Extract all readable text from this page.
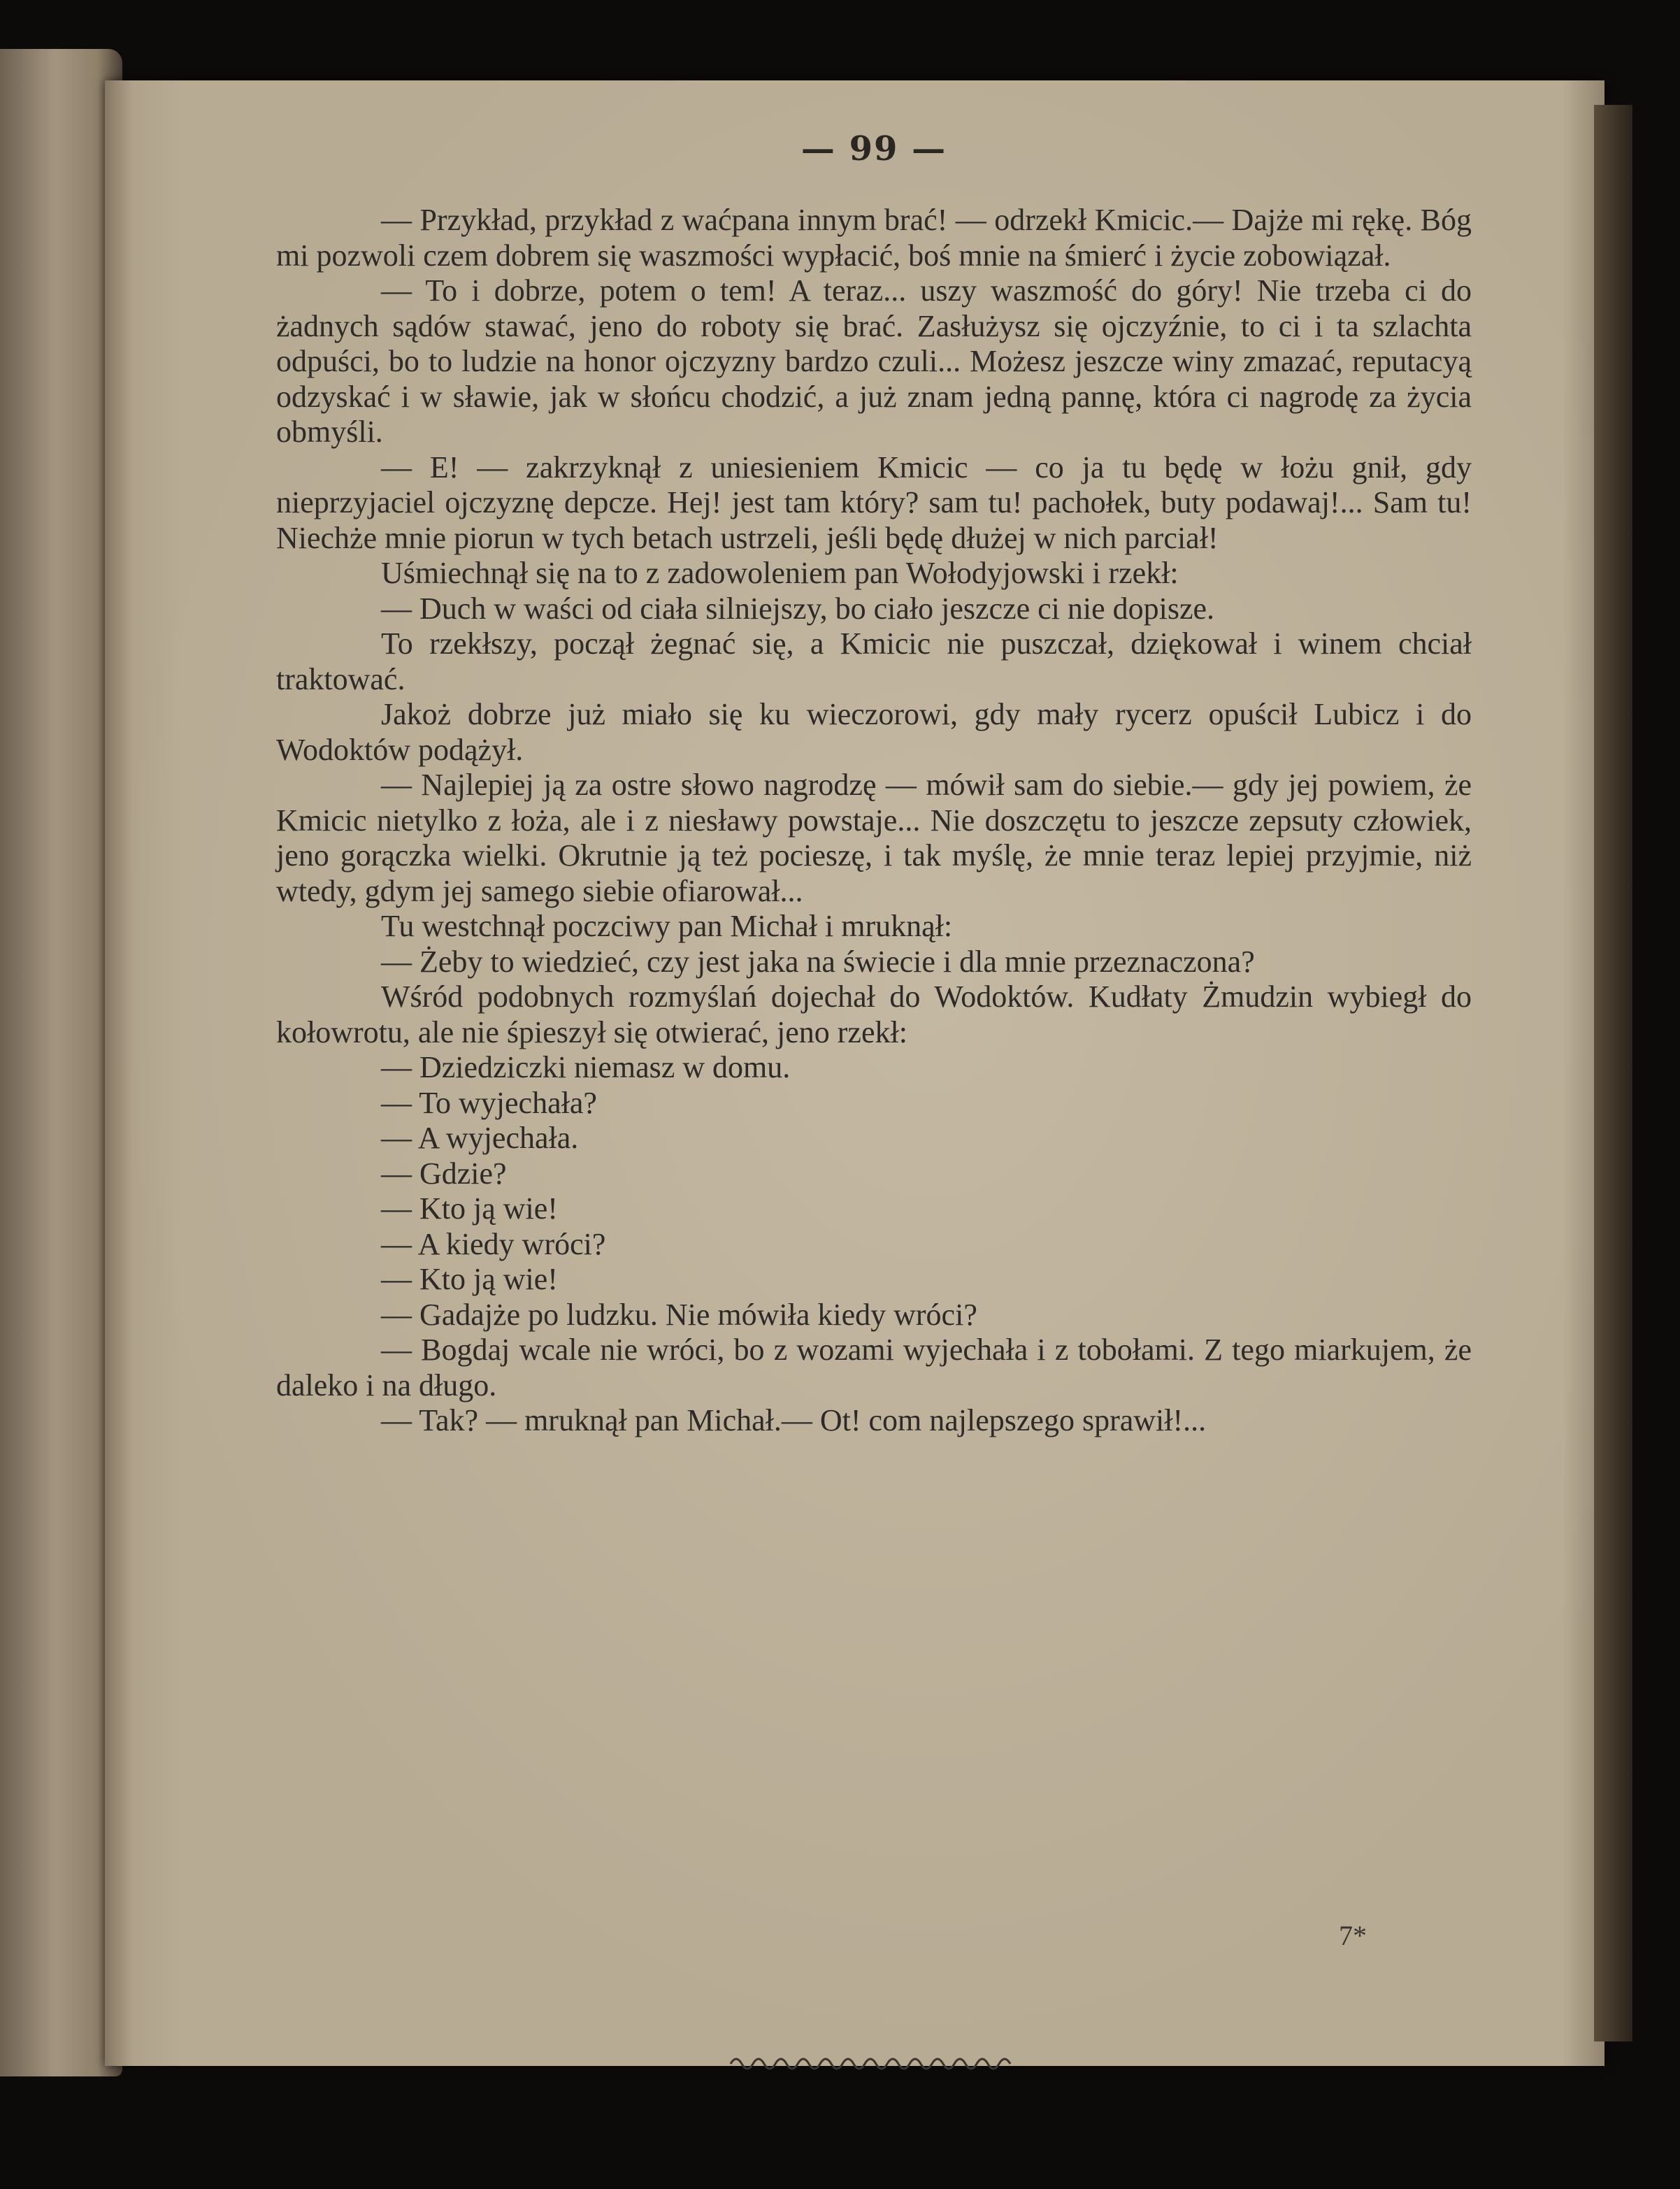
— 99 —

— Przykład, przykład z waćpana innym brać! — odrzekł Kmicic.— Dajże mi rękę. Bóg mi pozwoli czem dobrem się waszmości wypłacić, boś mnie na śmierć i życie zobowiązał.

— To i dobrze, potem o tem! A teraz... uszy waszmość do góry! Nie trzeba ci do żadnych sądów stawać, jeno do roboty się brać. Zasłużysz się ojczyźnie, to ci i ta szlachta odpuści, bo to ludzie na honor ojczyzny bardzo czuli... Możesz jeszcze winy zmazać, reputacyą odzyskać i w sławie, jak w słońcu chodzić, a już znam jedną pannę, która ci nagrodę za życia obmyśli.

— E! — zakrzyknął z uniesieniem Kmicic — co ja tu będę w łożu gnił, gdy nieprzyjaciel ojczyznę depcze. Hej! jest tam który? sam tu! pachołek, buty podawaj!... Sam tu! Niechże mnie piorun w tych betach ustrzeli, jeśli będę dłużej w nich parciał!

Uśmiechnął się na to z zadowoleniem pan Wołodyjowski i rzekł:

— Duch w waści od ciała silniejszy, bo ciało jeszcze ci nie dopisze.

To rzekłszy, począł żegnać się, a Kmicic nie puszczał, dziękował i winem chciał traktować.

Jakoż dobrze już miało się ku wieczorowi, gdy mały rycerz opuścił Lubicz i do Wodoktów podążył.

— Najlepiej ją za ostre słowo nagrodzę — mówił sam do siebie.— gdy jej powiem, że Kmicic nietylko z łoża, ale i z niesławy powstaje... Nie doszczętu to jeszcze zepsuty człowiek, jeno gorączka wielki. Okrutnie ją też pocieszę, i tak myślę, że mnie teraz lepiej przyjmie, niż wtedy, gdym jej samego siebie ofiarował...

Tu westchnął poczciwy pan Michał i mruknął:

— Żeby to wiedzieć, czy jest jaka na świecie i dla mnie przeznaczona?

Wśród podobnych rozmyślań dojechał do Wodoktów. Kudłaty Żmudzin wybiegł do kołowrotu, ale nie śpieszył się otwierać, jeno rzekł:

— Dziedziczki niemasz w domu.

— To wyjechała?

— A wyjechała.

— Gdzie?

— Kto ją wie!

— A kiedy wróci?

— Kto ją wie!

— Gadajże po ludzku. Nie mówiła kiedy wróci?

— Bogdaj wcale nie wróci, bo z wozami wyjechała i z tobołami. Z tego miarkujem, że daleko i na długo.

— Tak? — mruknął pan Michał.— Ot! com najlepszego sprawił!...

7*
